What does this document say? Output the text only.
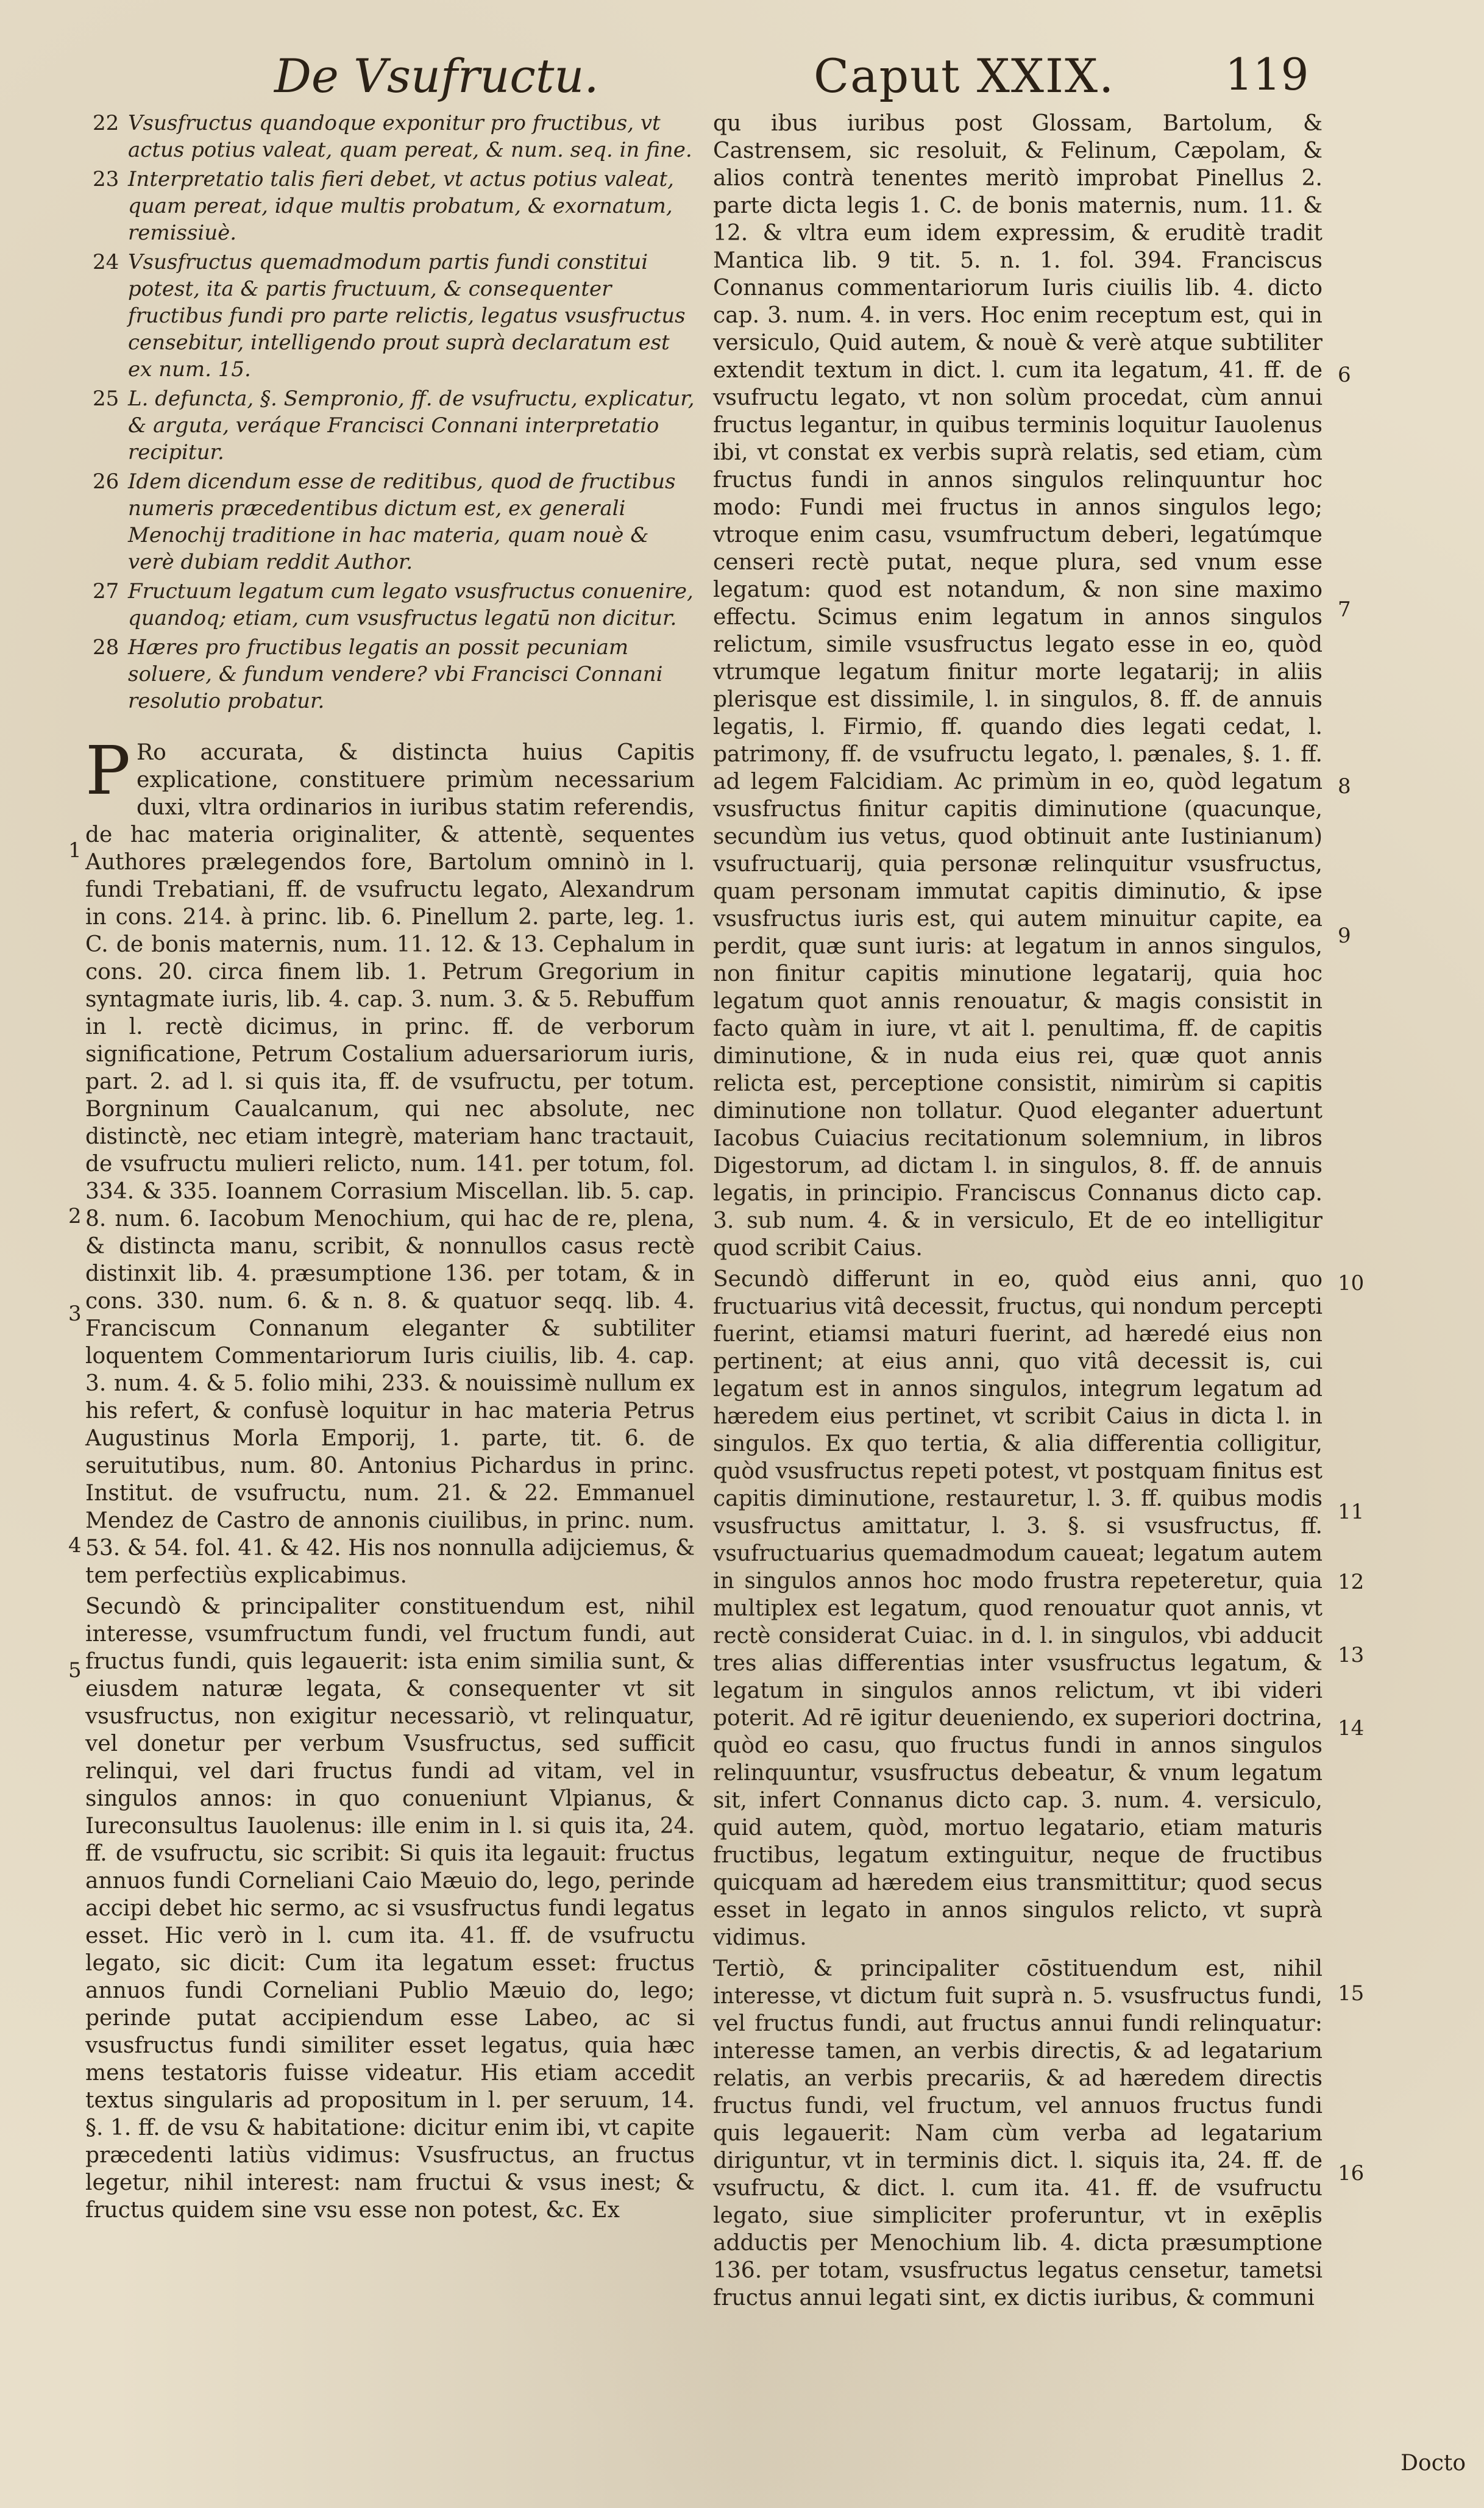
De Vsufructu.	Caput XXIX.	119
22 Vsusfructus quandoque exponitur pro fructibus, vt actus potius valeat, quam pereat, & num. seq. in fine.
23 Interpretatio talis fieri debet, vt actus potius valeat, quam pereat, idque multis probatum, & exornatum, remissiuè.
24 Vsusfructus quemadmodum partis fundi constitui potest, ita & partis fructuum, & consequenter fructibus fundi pro parte relictis, legatus vsusfructus censebitur, intelligendo prout suprà declaratum est ex num. 15.
25 L. defuncta, §. Sempronio, ff. de vsufructu, explicatur, & arguta, veráque Francisci Connani interpretatio recipitur.
26 Idem dicendum esse de reditibus, quod de fructibus numeris præcedentibus dictum est, ex generali Menochij traditione in hac materia, quam nouè & verè dubiam reddit Author.
27 Fructuum legatum cum legato vsusfructus conuenire, quandoq; etiam, cum vsusfructus legatū non dicitur.
28 Hæres pro fructibus legatis an possit pecuniam soluere, & fundum vendere? vbi Francisci Connani resolutio probatur.

P Ro accurata, & distincta huius Capitis explicatione, constituere primùm necessarium duxi, vltra ordinarios in iuribus statim referendis, de hac materia originaliter, & attentè, sequentes Authores prælegendos fore, Bartolum omninò in l. fundi Trebatiani, ff. de vsufructu legato, Alexandrum in cons. 214. à princ. lib. 6. Pinellum 2. parte, leg. 1. C. de bonis maternis, num. 11. 12. & 13. Cephalum in cons. 20. circa finem lib. 1. Petrum Gregorium in syntagmate iuris, lib. 4. cap. 3. num. 3. & 5. Rebuffum in l. rectè dicimus, in princ. ff. de verborum significatione, Petrum Costalium aduersariorum iuris, part. 2. ad l. si quis ita, ff. de vsufructu, per totum. Borgninum Caualcanum, qui nec absolute, nec distinctè, nec etiam integrè, materiam hanc tractauit, de vsufructu mulieri relicto, num. 141. per totum, fol. 334. & 335. Ioannem Corrasium Miscellan. lib. 5. cap. 8. num. 6. Iacobum Menochium, qui hac de re, plena, & distincta manu, scribit, & nonnullos casus rectè distinxit lib. 4. præsumptione 136. per totam, & in cons. 330. num. 6. & n. 8. & quatuor seqq. lib. 4. Franciscum Connanum eleganter & subtiliter loquentem Commentariorum Iuris ciuilis, lib. 4. cap. 3. num. 4. & 5. folio mihi, 233. & nouissimè nullum ex his refert, & confusè loquitur in hac materia Petrus Augustinus Morla Emporij, 1. parte, tit. 6. de seruitutibus, num. 80. Antonius Pichardus in princ. Institut. de vsufructu, num. 21. & 22. Emmanuel Mendez de Castro de annonis ciuilibus, in princ. num. 53. & 54. fol. 41. & 42. His nos nonnulla adijciemus, & tem perfectiùs explicabimus.

Secundò & principaliter constituendum est, nihil interesse, vsumfructum fundi, vel fructum fundi, aut fructus fundi, quis legauerit: ista enim similia sunt, & eiusdem naturæ legata, & consequenter vt sit vsusfructus, non exigitur necessariò, vt relinquatur, vel donetur per verbum Vsusfructus, sed sufficit relinqui, vel dari fructus fundi ad vitam, vel in singulos annos: in quo conueniunt Vlpianus, & Iureconsultus Iauolenus: ille enim in l. si quis ita, 24. ff. de vsufructu, sic scribit: Si quis ita legauit: fructus annuos fundi Corneliani Caio Mæuio do, lego, perinde accipi debet hic sermo, ac si vsusfructus fundi legatus esset. Hic verò in l. cum ita. 41. ff. de vsufructu legato, sic dicit: Cum ita legatum esset: fructus annuos fundi Corneliani Publio Mæuio do, lego; perinde putat accipiendum esse Labeo, ac si vsusfructus fundi similiter esset legatus, quia hæc mens testatoris fuisse videatur. His etiam accedit textus singularis ad propositum in l. per seruum, 14. §. 1. ff. de vsu & habitatione: dicitur enim ibi, vt capite præcedenti latiùs vidimus: Vsusfructus, an fructus legetur, nihil interest: nam fructui & vsus inest; & fructus quidem sine vsu esse non potest, &c. Ex

1
2
3
4
5

qu ibus iuribus post Glossam, Bartolum, & Castrensem, sic resoluit, & Felinum, Cæpolam, & alios contrà tenentes meritò improbat Pinellus 2. parte dicta legis 1. C. de bonis maternis, num. 11. & 12. & vltra eum idem expressim, & eruditè tradit Mantica lib. 9 tit. 5. n. 1. fol. 394. Franciscus Connanus commentariorum Iuris ciuilis lib. 4. dicto cap. 3. num. 4. in vers. Hoc enim receptum est, qui in versiculo, Quid autem, & nouè & verè atque subtiliter extendit textum in dict. l. cum ita legatum, 41. ff. de vsufructu legato, vt non solùm procedat, cùm annui fructus legantur, in quibus terminis loquitur Iauolenus ibi, vt constat ex verbis suprà relatis, sed etiam, cùm fructus fundi in annos singulos relinquuntur hoc modo: Fundi mei fructus in annos singulos lego; vtroque enim casu, vsumfructum deberi, legatúmque censeri rectè putat, neque plura, sed vnum esse legatum: quod est notandum, & non sine maximo effectu. Scimus enim legatum in annos singulos relictum, simile vsusfructus legato esse in eo, quòd vtrumque legatum finitur morte legatarij; in aliis plerisque est dissimile, l. in singulos, 8. ff. de annuis legatis, l. Firmio, ff. quando dies legati cedat, l. patrimony, ff. de vsufructu legato, l. pænales, §. 1. ff. ad legem Falcidiam. Ac primùm in eo, quòd legatum vsusfructus finitur capitis diminutione (quacunque, secundùm ius vetus, quod obtinuit ante Iustinianum) vsufructuarij, quia personæ relinquitur vsusfructus, quam personam immutat capitis diminutio, & ipse vsusfructus iuris est, qui autem minuitur capite, ea perdit, quæ sunt iuris: at legatum in annos singulos, non finitur capitis minutione legatarij, quia hoc legatum quot annis renouatur, & magis consistit in facto quàm in iure, vt ait l. penultima, ff. de capitis diminutione, & in nuda eius rei, quæ quot annis relicta est, perceptione consistit, nimirùm si capitis diminutione non tollatur. Quod eleganter aduertunt Iacobus Cuiacius recitationum solemnium, in libros Digestorum, ad dictam l. in singulos, 8. ff. de annuis legatis, in principio. Franciscus Connanus dicto cap. 3. sub num. 4. & in versiculo, Et de eo intelligitur quod scribit Caius.

Secundò differunt in eo, quòd eius anni, quo fructuarius vitâ decessit, fructus, qui nondum percepti fuerint, etiamsi maturi fuerint, ad hæredé eius non pertinent; at eius anni, quo vitâ decessit is, cui legatum est in annos singulos, integrum legatum ad hæredem eius pertinet, vt scribit Caius in dicta l. in singulos. Ex quo tertia, & alia differentia colligitur, quòd vsusfructus repeti potest, vt postquam finitus est capitis diminutione, restauretur, l. 3. ff. quibus modis vsusfructus amittatur, l. 3. §. si vsusfructus, ff. vsufructuarius quemadmodum caueat; legatum autem in singulos annos hoc modo frustra repeteretur, quia multiplex est legatum, quod renouatur quot annis, vt rectè considerat Cuiac. in d. l. in singulos, vbi adducit tres alias differentias inter vsusfructus legatum, & legatum in singulos annos relictum, vt ibi videri poterit. Ad rē igitur deueniendo, ex superiori doctrina, quòd eo casu, quo fructus fundi in annos singulos relinquuntur, vsusfructus debeatur, & vnum legatum sit, infert Connanus dicto cap. 3. num. 4. versiculo, quid autem, quòd, mortuo legatario, etiam maturis fructibus, legatum extinguitur, neque de fructibus quicquam ad hæredem eius transmittitur; quod secus esset in legato in annos singulos relicto, vt suprà vidimus.

Tertiò, & principaliter cōstituendum est, nihil interesse, vt dictum fuit suprà n. 5. vsusfructus fundi, vel fructus fundi, aut fructus annui fundi relinquatur: interesse tamen, an verbis directis, & ad legatarium relatis, an verbis precariis, & ad hæredem directis fructus fundi, vel fructum, vel annuos fructus fundi quis legauerit: Nam cùm verba ad legatarium diriguntur, vt in terminis dict. l. siquis ita, 24. ff. de vsufructu, & dict. l. cum ita. 41. ff. de vsufructu legato, siue simpliciter proferuntur, vt in exēplis adductis per Menochium lib. 4. dicta præsumptione 136. per totam, vsusfructus legatus censetur, tametsi fructus annui legati sint, ex dictis iuribus, & communi

6
7
8
9
10
11
12
13
14
15
16
Docto
